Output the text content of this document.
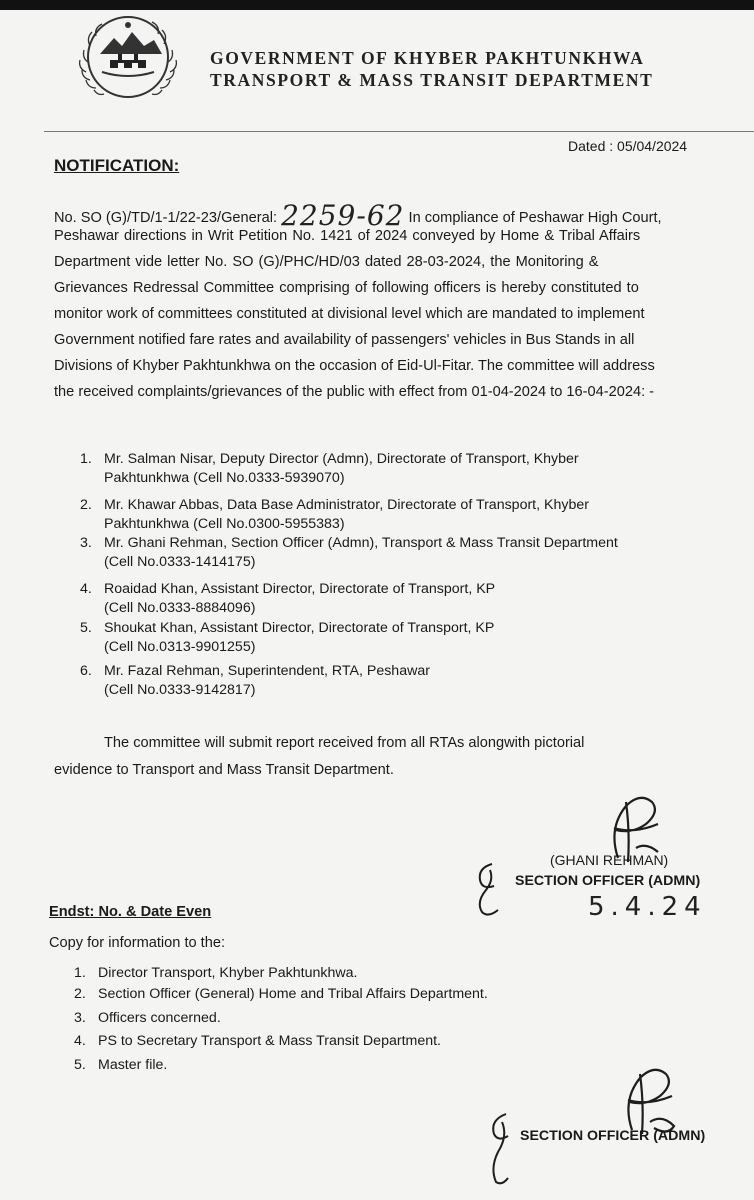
GOVERNMENT OF KHYBER PAKHTUNKHWA
TRANSPORT & MASS TRANSIT DEPARTMENT
Dated : 05/04/2024
NOTIFICATION:
No. SO (G)/TD/1-1/22-23/General: 2259-62 In compliance of Peshawar High Court,
Peshawar directions in Writ Petition No. 1421 of 2024 conveyed by Home & Tribal Affairs
Department vide letter No. SO (G)/PHC/HD/03 dated 28-03-2024, the Monitoring &
Grievances Redressal Committee comprising of following officers is hereby constituted to
monitor work of committees constituted at divisional level which are mandated to implement
Government notified fare rates and availability of passengers' vehicles in Bus Stands in all
Divisions of Khyber Pakhtunkhwa on the occasion of Eid-Ul-Fitar. The committee will address
the received complaints/grievances of the public with effect from 01-04-2024 to 16-04-2024: -
1. Mr. Salman Nisar, Deputy Director (Admn), Directorate of Transport, Khyber
Pakhtunkhwa (Cell No.0333-5939070)
2. Mr. Khawar Abbas, Data Base Administrator, Directorate of Transport, Khyber
Pakhtunkhwa (Cell No.0300-5955383)
3. Mr. Ghani Rehman, Section Officer (Admn), Transport & Mass Transit Department
(Cell No.0333-1414175)
4. Roaidad Khan, Assistant Director, Directorate of Transport, KP
(Cell No.0333-8884096)
5. Shoukat Khan, Assistant Director, Directorate of Transport, KP
(Cell No.0313-9901255)
6. Mr. Fazal Rehman, Superintendent, RTA, Peshawar
(Cell No.0333-9142817)
The committee will submit report received from all RTAs alongwith pictorial
evidence to Transport and Mass Transit Department.
(GHANI REHMAN)
SECTION OFFICER (ADMN)
5.4.24
Endst: No. & Date Even
Copy for information to the:
1. Director Transport, Khyber Pakhtunkhwa.
2. Section Officer (General) Home and Tribal Affairs Department.
3. Officers concerned.
4. PS to Secretary Transport & Mass Transit Department.
5. Master file.
SECTION OFFICER (ADMN)
